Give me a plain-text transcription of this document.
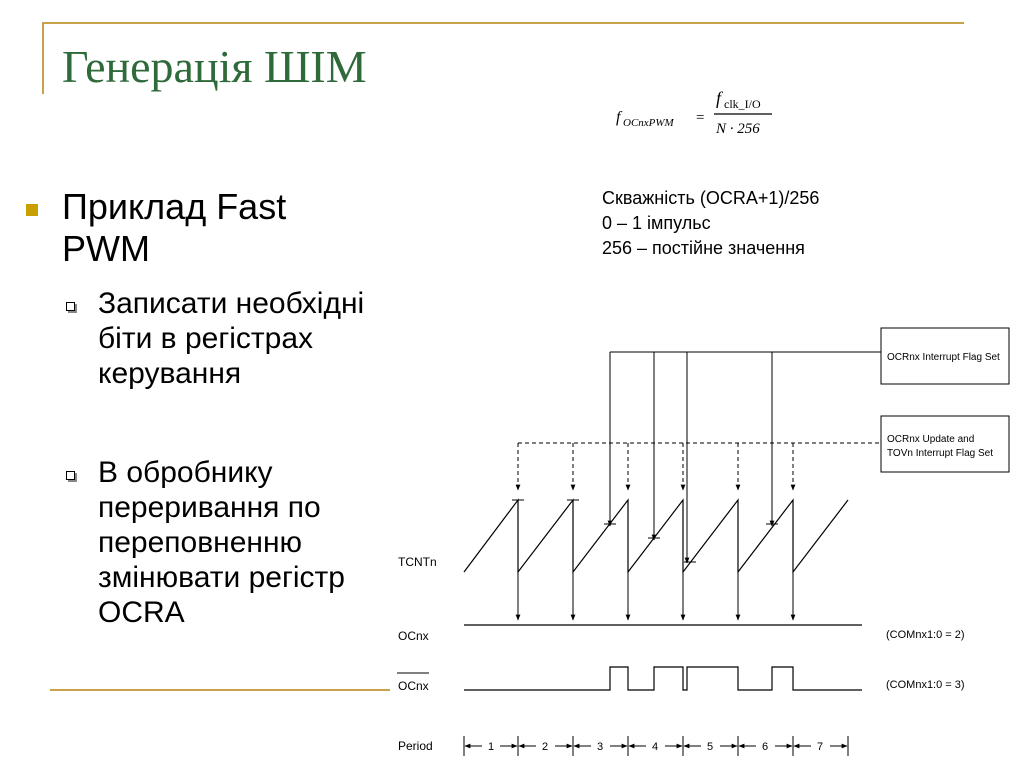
Генерація ШІМ
f OCnxPWM =
f clk_I/O
N · 256
Приклад Fast PWM
Записати необхідні біти в регістрах керування
В обробнику переривання по переповненню змінювати регістр OCRA
Скважність (OCRA+1)/256
0 – 1 імпульс
256 – постійне значення
OCRnx Interrupt Flag Set
OCRnx Update and
TOVn Interrupt Flag Set
TCNTn
OCnx	(COMnx1:0 = 2)
OCnx	(COMnx1:0 = 3)
Period	1	2	3	4	5	6	7
